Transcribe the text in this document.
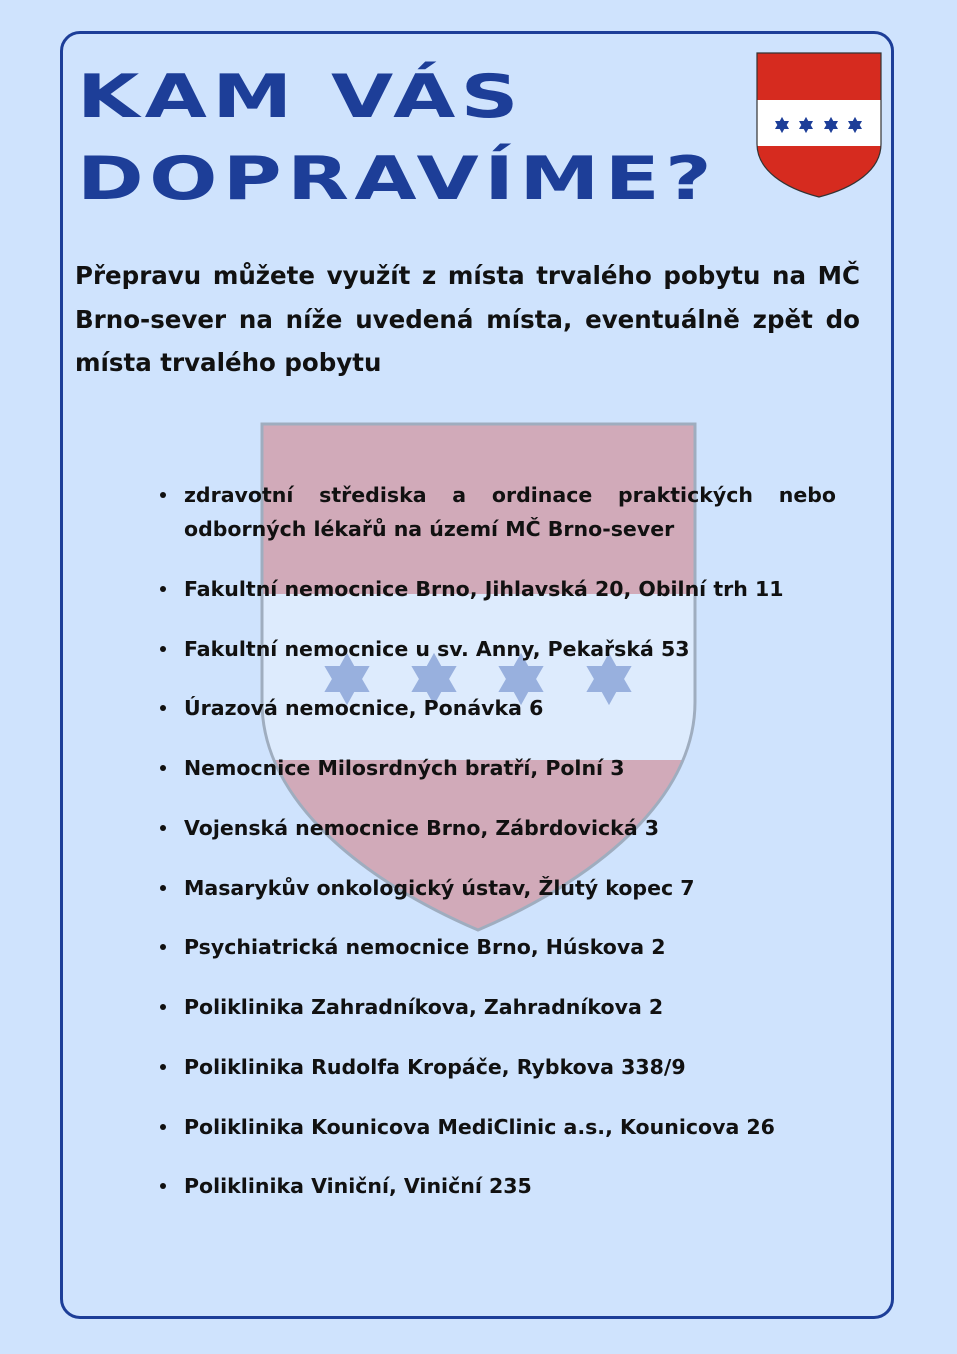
KAM VÁS
DOPRAVÍME?

Přepravu můžete využít z místa trvalého pobytu na MČ Brno-sever na níže uvedená místa, eventuálně zpět do místa trvalého pobytu

zdravotní střediska a ordinace praktických nebo odborných lékařů na území MČ Brno-sever
Fakultní nemocnice Brno, Jihlavská 20, Obilní trh 11
Fakultní nemocnice u sv. Anny, Pekařská 53
Úrazová nemocnice, Ponávka 6
Nemocnice Milosrdných bratří, Polní 3
Vojenská nemocnice Brno, Zábrdovická 3
Masarykův onkologický ústav, Žlutý kopec 7
Psychiatrická nemocnice Brno, Húskova 2
Poliklinika Zahradníkova, Zahradníkova 2
Poliklinika Rudolfa Kropáče, Rybkova 338/9
Poliklinika Kounicova MediClinic a.s., Kounicova 26
Poliklinika Viniční, Viniční 235
